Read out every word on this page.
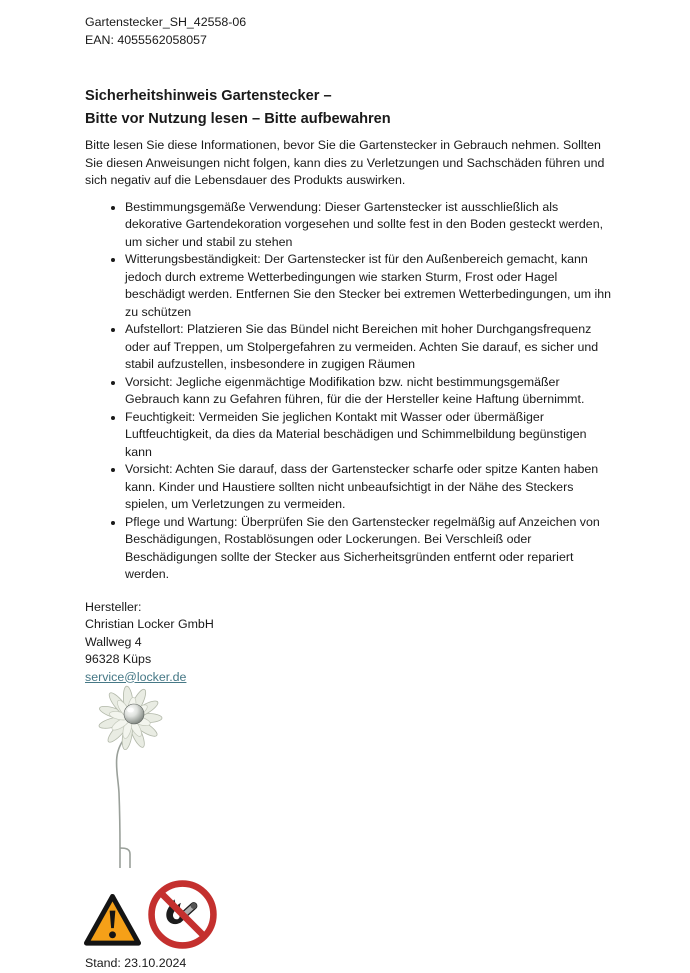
Gartenstecker_SH_42558-06
EAN: 4055562058057
Sicherheitshinweis Gartenstecker –
Bitte vor Nutzung lesen – Bitte aufbewahren
Bitte lesen Sie diese Informationen, bevor Sie die Gartenstecker in Gebrauch nehmen. Sollten Sie diesen Anweisungen nicht folgen, kann dies zu Verletzungen und Sachschäden führen und sich negativ auf die Lebensdauer des Produkts auswirken.
• Bestimmungsgemäße Verwendung: Dieser Gartenstecker ist ausschließlich als dekorative Gartendekoration vorgesehen und sollte fest in den Boden gesteckt werden, um sicher und stabil zu stehen
• Witterungsbeständigkeit: Der Gartenstecker ist für den Außenbereich gemacht, kann jedoch durch extreme Wetterbedingungen wie starken Sturm, Frost oder Hagel beschädigt werden. Entfernen Sie den Stecker bei extremen Wetterbedingungen, um ihn zu schützen
• Aufstellort: Platzieren Sie das Bündel nicht Bereichen mit hoher Durchgangsfrequenz oder auf Treppen, um Stolpergefahren zu vermeiden. Achten Sie darauf, es sicher und stabil aufzustellen, insbesondere in zugigen Räumen
• Vorsicht: Jegliche eigenmächtige Modifikation bzw. nicht bestimmungsgemäßer Gebrauch kann zu Gefahren führen, für die der Hersteller keine Haftung übernimmt.
• Feuchtigkeit: Vermeiden Sie jeglichen Kontakt mit Wasser oder übermäßiger Luftfeuchtigkeit, da dies da Material beschädigen und Schimmelbildung begünstigen kann
• Vorsicht: Achten Sie darauf, dass der Gartenstecker scharfe oder spitze Kanten haben kann. Kinder und Haustiere sollten nicht unbeaufsichtigt in der Nähe des Steckers spielen, um Verletzungen zu vermeiden.
• Pflege und Wartung: Überprüfen Sie den Gartenstecker regelmäßig auf Anzeichen von Beschädigungen, Rostablösungen oder Lockerungen. Bei Verschleiß oder Beschädigungen sollte der Stecker aus Sicherheitsgründen entfernt oder repariert werden.
Hersteller:
Christian Locker GmbH
Wallweg 4
96328 Küps
service@locker.de
Stand: 23.10.2024
